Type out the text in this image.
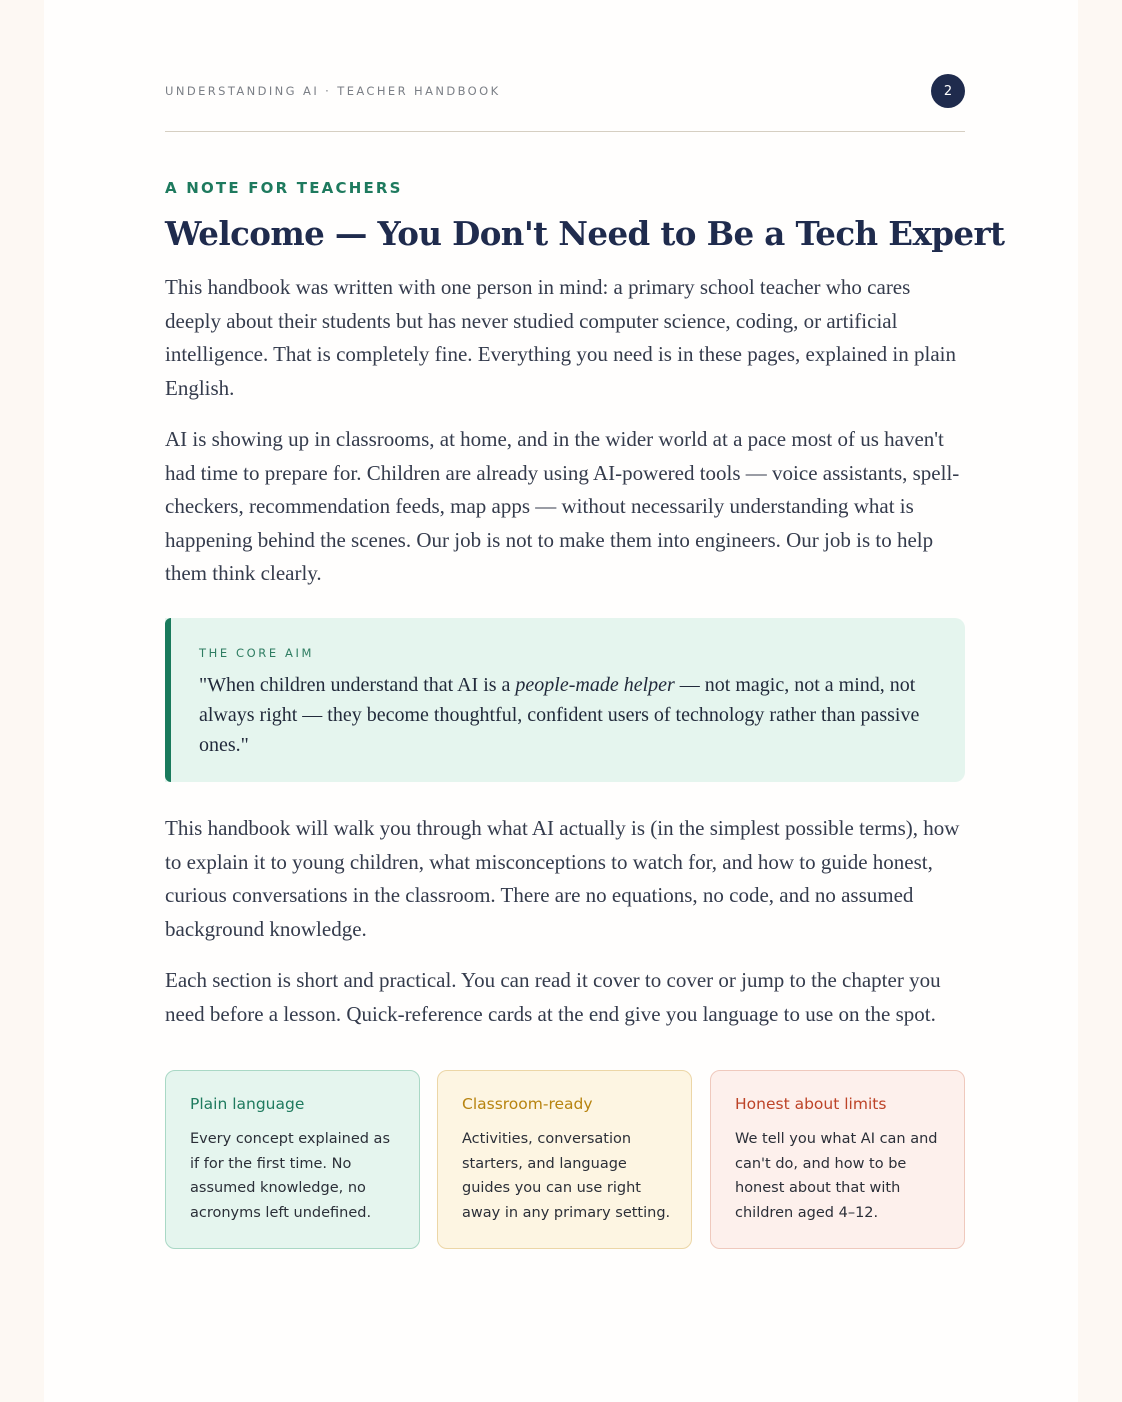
UNDERSTANDING AI · TEACHER HANDBOOK	2
A NOTE FOR TEACHERS
Welcome — You Don't Need to Be a Tech Expert

This handbook was written with one person in mind: a primary school teacher who cares deeply about their students but has never studied computer science, coding, or artificial intelligence. That is completely fine. Everything you need is in these pages, explained in plain English.

AI is showing up in classrooms, at home, and in the wider world at a pace most of us haven't had time to prepare for. Children are already using AI-powered tools — voice assistants, spell-checkers, recommendation feeds, map apps — without necessarily understanding what is happening behind the scenes. Our job is not to make them into engineers. Our job is to help them think clearly.

THE CORE AIM

"When children understand that AI is a people-made helper — not magic, not a mind, not always right — they become thoughtful, confident users of technology rather than passive ones."

This handbook will walk you through what AI actually is (in the simplest possible terms), how to explain it to young children, what misconceptions to watch for, and how to guide honest, curious conversations in the classroom. There are no equations, no code, and no assumed background knowledge.

Each section is short and practical. You can read it cover to cover or jump to the chapter you need before a lesson. Quick-reference cards at the end give you language to use on the spot.

Plain language

Every concept explained as if for the first time. No assumed knowledge, no acronyms left undefined.

Classroom-ready

Activities, conversation starters, and language guides you can use right away in any primary setting.

Honest about limits

We tell you what AI can and can't do, and how to be honest about that with children aged 4–12.
